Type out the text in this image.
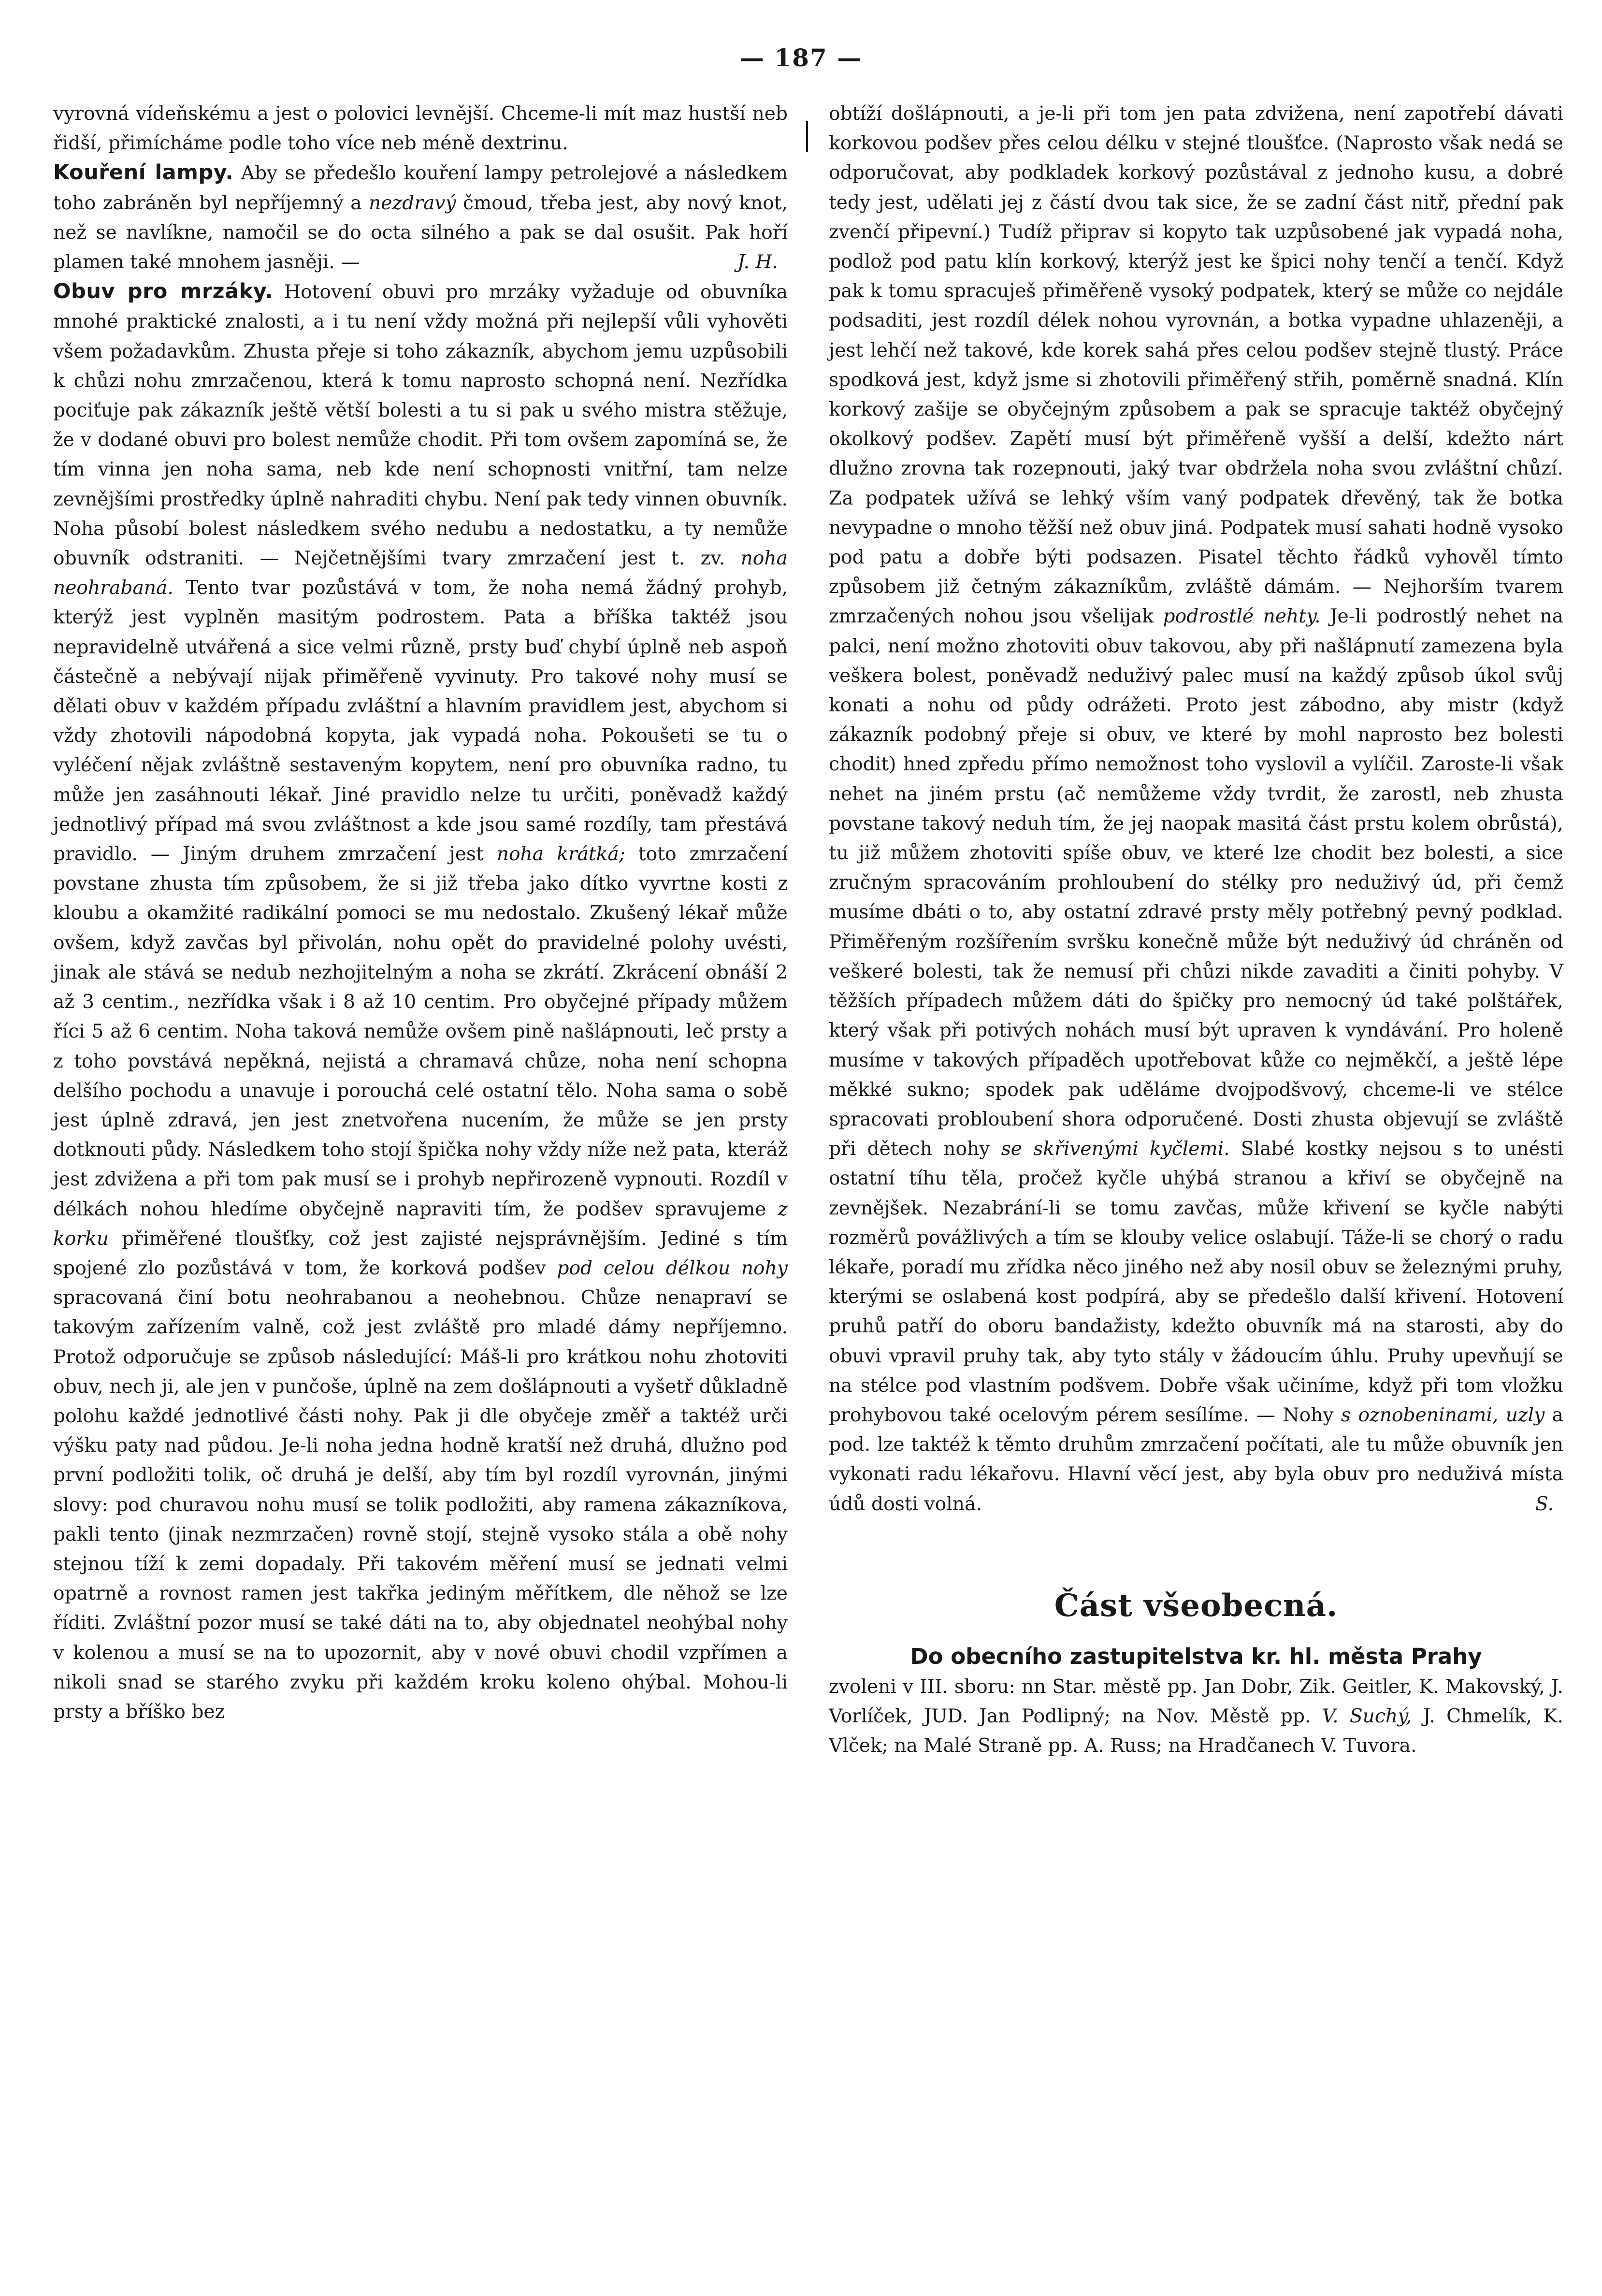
— 187 —

vyrovná vídeňskému a jest o polovici levnější. Chceme-li mít maz hustší neb řidší, přimícháme podle toho více neb méně dextrinu.

Kouření lampy. Aby se předešlo kouření lampy petrolejové a následkem toho zabráněn byl nepříjemný a nezdravý čmoud, třeba jest, aby nový knot, než se navlíkne, namočil se do octa silného a pak se dal osušit. Pak hoří plamen také mnohem jasněji. —	J. H.

Obuv pro mrzáky. Hotovení obuvi pro mrzáky vyžaduje od obuvníka mnohé praktické znalosti, a i tu není vždy možná při nejlepší vůli vyhověti všem požadavkům. Zhusta přeje si toho zákazník, abychom jemu uzpůsobili k chůzi nohu zmrzačenou, která k tomu naprosto schopná není. Nezřídka pociťuje pak zákazník ještě větší bolesti a tu si pak u svého mistra stěžuje, že v dodané obuvi pro bolest nemůže chodit. Při tom ovšem zapomíná se, že tím vinna jen noha sama, neb kde není schopnosti vnitřní, tam nelze zevnějšími prostředky úplně nahraditi chybu. Není pak tedy vinnen obuvník. Noha působí bolest následkem svého nedubu a nedostatku, a ty nemůže obuvník odstraniti. — Nejčetnějšími tvary zmrzačení jest t. zv. noha neohrabaná. Tento tvar pozůstává v tom, že noha nemá žádný prohyb, kterýž jest vyplněn masitým podrostem. Pata a bříška taktéž jsou nepravidelně utvářená a sice velmi různě, prsty buď chybí úplně neb aspoň částečně a nebývají nijak přiměřeně vyvinuty. Pro takové nohy musí se dělati obuv v každém případu zvláštní a hlavním pravidlem jest, abychom si vždy zhotovili nápodobná kopyta, jak vypadá noha. Pokoušeti se tu o vyléčení nějak zvláštně sestaveným kopytem, není pro obuvníka radno, tu může jen zasáhnouti lékař. Jiné pravidlo nelze tu určiti, poněvadž každý jednotlivý případ má svou zvláštnost a kde jsou samé rozdíly, tam přestává pravidlo. — Jiným druhem zmrzačení jest noha krátká; toto zmrzačení povstane zhusta tím způsobem, že si již třeba jako dítko vyvrtne kosti z kloubu a okamžité radikální pomoci se mu nedostalo. Zkušený lékař může ovšem, když zavčas byl přivolán, nohu opět do pravidelné polohy uvésti, jinak ale stává se nedub nezhojitelným a noha se zkrátí. Zkrácení obnáší 2 až 3 centim., nezřídka však i 8 až 10 centim. Pro obyčejné případy můžem říci 5 až 6 centim. Noha taková nemůže ovšem pině našlápnouti, leč prsty a z toho povstává nepěkná, nejistá a chramavá chůze, noha není schopna delšího pochodu a unavuje i porouchá celé ostatní tělo. Noha sama o sobě jest úplně zdravá, jen jest znetvořena nucením, že může se jen prsty dotknouti půdy. Následkem toho stojí špička nohy vždy níže než pata, kteráž jest zdvižena a při tom pak musí se i prohyb nepřirozeně vypnouti. Rozdíl v délkách nohou hledíme obyčejně napraviti tím, že podšev spravujeme z korku přiměřené tloušťky, což jest zajisté nejsprávnějším. Jediné s tím spojené zlo pozůstává v tom, že korková podšev pod celou délkou nohy spracovaná činí botu neohrabanou a neohebnou. Chůze nenapraví se takovým zařízením valně, což jest zvláště pro mladé dámy nepříjemno. Protož odporučuje se způsob následující: Máš-li pro krátkou nohu zhotoviti obuv, nech ji, ale jen v punčoše, úplně na zem došlápnouti a vyšetř důkladně polohu každé jednotlivé části nohy. Pak ji dle obyčeje změř a taktéž urči výšku paty nad půdou. Je-li noha jedna hodně kratší než druhá, dlužno pod první podložiti tolik, oč druhá je delší, aby tím byl rozdíl vyrovnán, jinými slovy: pod churavou nohu musí se tolik podložiti, aby ramena zákazníkova, pakli tento (jinak nezmrzačen) rovně stojí, stejně vysoko stála a obě nohy stejnou tíží k zemi dopadaly. Při takovém měření musí se jednati velmi opatrně a rovnost ramen jest takřka jediným měřítkem, dle něhož se lze říditi. Zvláštní pozor musí se také dáti na to, aby objednatel neohýbal nohy v kolenou a musí se na to upozornit, aby v nové obuvi chodil vzpřímen a nikoli snad se starého zvyku při každém kroku koleno ohýbal. Mohou-li prsty a bříško bez

obtíží došlápnouti, a je-li při tom jen pata zdvižena, není zapotřebí dávati korkovou podšev přes celou délku v stejné tloušťce. (Naprosto však nedá se odporučovat, aby podkladek korkový pozůstával z jednoho kusu, a dobré tedy jest, udělati jej z částí dvou tak sice, že se zadní část nitř, přední pak zvenčí připevní.) Tudíž připrav si kopyto tak uzpůsobené jak vypadá noha, podlož pod patu klín korkový, kterýž jest ke špici nohy tenčí a tenčí. Když pak k tomu spracuješ přiměřeně vysoký podpatek, který se může co nejdále podsaditi, jest rozdíl délek nohou vyrovnán, a botka vypadne uhlazeněji, a jest lehčí než takové, kde korek sahá přes celou podšev stejně tlustý. Práce spodková jest, když jsme si zhotovili přiměřený střih, poměrně snadná. Klín korkový zašije se obyčejným způsobem a pak se spracuje taktéž obyčejný okolkový podšev. Zapětí musí být přiměřeně vyšší a delší, kdežto nárt dlužno zrovna tak rozepnouti, jaký tvar obdržela noha svou zvláštní chůzí. Za podpatek užívá se lehký vším vaný podpatek dřevěný, tak že botka nevypadne o mnoho těžší než obuv jiná. Podpatek musí sahati hodně vysoko pod patu a dobře býti podsazen. Pisatel těchto řádků vyhověl tímto způsobem již četným zákazníkům, zvláště dámám. — Nejhorším tvarem zmrzačených nohou jsou všelijak podrostlé nehty. Je-li podrostlý nehet na palci, není možno zhotoviti obuv takovou, aby při našlápnutí zamezena byla veškera bolest, poněvadž neduživý palec musí na každý způsob úkol svůj konati a nohu od půdy odrážeti. Proto jest zábodno, aby mistr (když zákazník podobný přeje si obuv, ve které by mohl naprosto bez bolesti chodit) hned zpředu přímo nemožnost toho vyslovil a vylíčil. Zaroste-li však nehet na jiném prstu (ač nemůžeme vždy tvrdit, že zarostl, neb zhusta povstane takový neduh tím, že jej naopak masitá část prstu kolem obrůstá), tu již můžem zhotoviti spíše obuv, ve které lze chodit bez bolesti, a sice zručným spracováním prohloubení do stélky pro neduživý úd, při čemž musíme dbáti o to, aby ostatní zdravé prsty měly potřebný pevný podklad. Přiměřeným rozšířením svršku konečně může být neduživý úd chráněn od veškeré bolesti, tak že nemusí při chůzi nikde zavaditi a činiti pohyby. V těžších případech můžem dáti do špičky pro nemocný úd také polštářek, který však při potivých nohách musí být upraven k vyndávání. Pro holeně musíme v takových případěch upotřebovat kůže co nejměkčí, a ještě lépe měkké sukno; spodek pak uděláme dvojpodšvový, chceme-li ve stélce spracovati probloubení shora odporučené. Dosti zhusta objevují se zvláště při dětech nohy se skřivenými kyčlemi. Slabé kostky nejsou s to unésti ostatní tíhu těla, pročež kyčle uhýbá stranou a křiví se obyčejně na zevnějšek. Nezabrání-li se tomu zavčas, může křivení se kyčle nabýti rozměrů povážlivých a tím se klouby velice oslabují. Táže-li se chorý o radu lékaře, poradí mu zřídka něco jiného než aby nosil obuv se železnými pruhy, kterými se oslabená kost podpírá, aby se předešlo další křivení. Hotovení pruhů patří do oboru bandažisty, kdežto obuvník má na starosti, aby do obuvi vpravil pruhy tak, aby tyto stály v žádoucím úhlu. Pruhy upevňují se na stélce pod vlastním podšvem. Dobře však učiníme, když při tom vložku prohybovou také ocelovým pérem sesílíme. — Nohy s oznobeninami, uzly a pod. lze taktéž k těmto druhům zmrzačení počítati, ale tu může obuvník jen vykonati radu lékařovu. Hlavní věcí jest, aby byla obuv pro neduživá místa údů dosti volná.	S.

Část všeobecná.
Do obecního zastupitelstva kr. hl. města Prahy

zvoleni v III. sboru: nn Star. městě pp. Jan Dobr, Zik. Geitler, K. Makovský, J. Vorlíček, JUD. Jan Podlipný; na Nov. Městě pp. V. Suchý, J. Chmelík, K. Vlček; na Malé Straně pp. A. Russ; na Hradčanech V. Tuvora.
